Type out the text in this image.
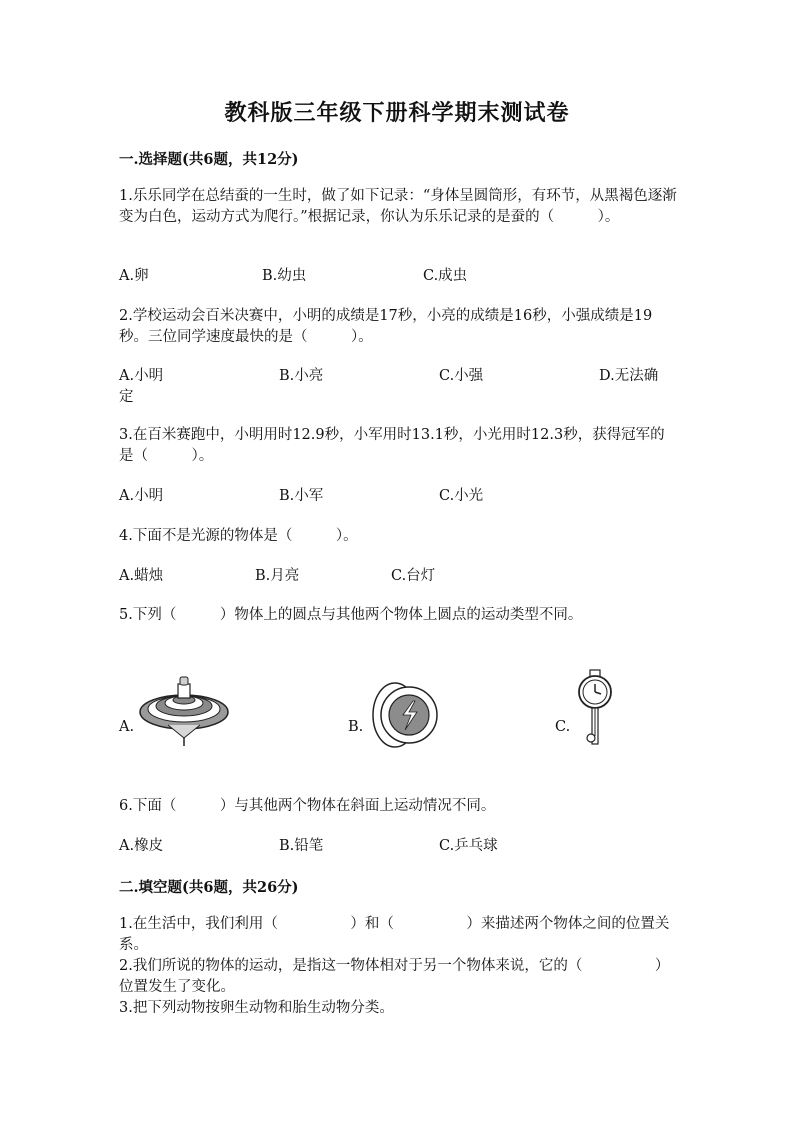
教科版三年级下册科学期末测试卷
一.选择题(共6题，共12分)
1.乐乐同学在总结蚕的一生时，做了如下记录：“身体呈圆筒形，有环节，从黑褐色逐渐变为白色，运动方式为爬行。”根据记录，你认为乐乐记录的是蚕的（　　　）。
A.卵	B.幼虫	C.成虫
2.学校运动会百米决赛中，小明的成绩是17秒，小亮的成绩是16秒，小强成绩是19秒。三位同学速度最快的是（　　　）。
A.小明	B.小亮	C.小强	D.无法确
定
3.在百米赛跑中，小明用时12.9秒，小军用时13.1秒，小光用时12.3秒，获得冠军的是（　　　）。
A.小明	B.小军	C.小光
4.下面不是光源的物体是（　　　）。
A.蜡烛	B.月亮	C.台灯
5.下列（　　　）物体上的圆点与其他两个物体上圆点的运动类型不同。
A.	B.	C.
6.下面（　　　）与其他两个物体在斜面上运动情况不同。
A.橡皮	B.铅笔	C.乒乓球
二.填空题(共6题，共26分)
1.在生活中，我们利用（　　　　　）和（　　　　　）来描述两个物体之间的位置关系。
2.我们所说的物体的运动，是指这一物体相对于另一个物体来说，它的（　　　　　）位置发生了变化。
3.把下列动物按卵生动物和胎生动物分类。
